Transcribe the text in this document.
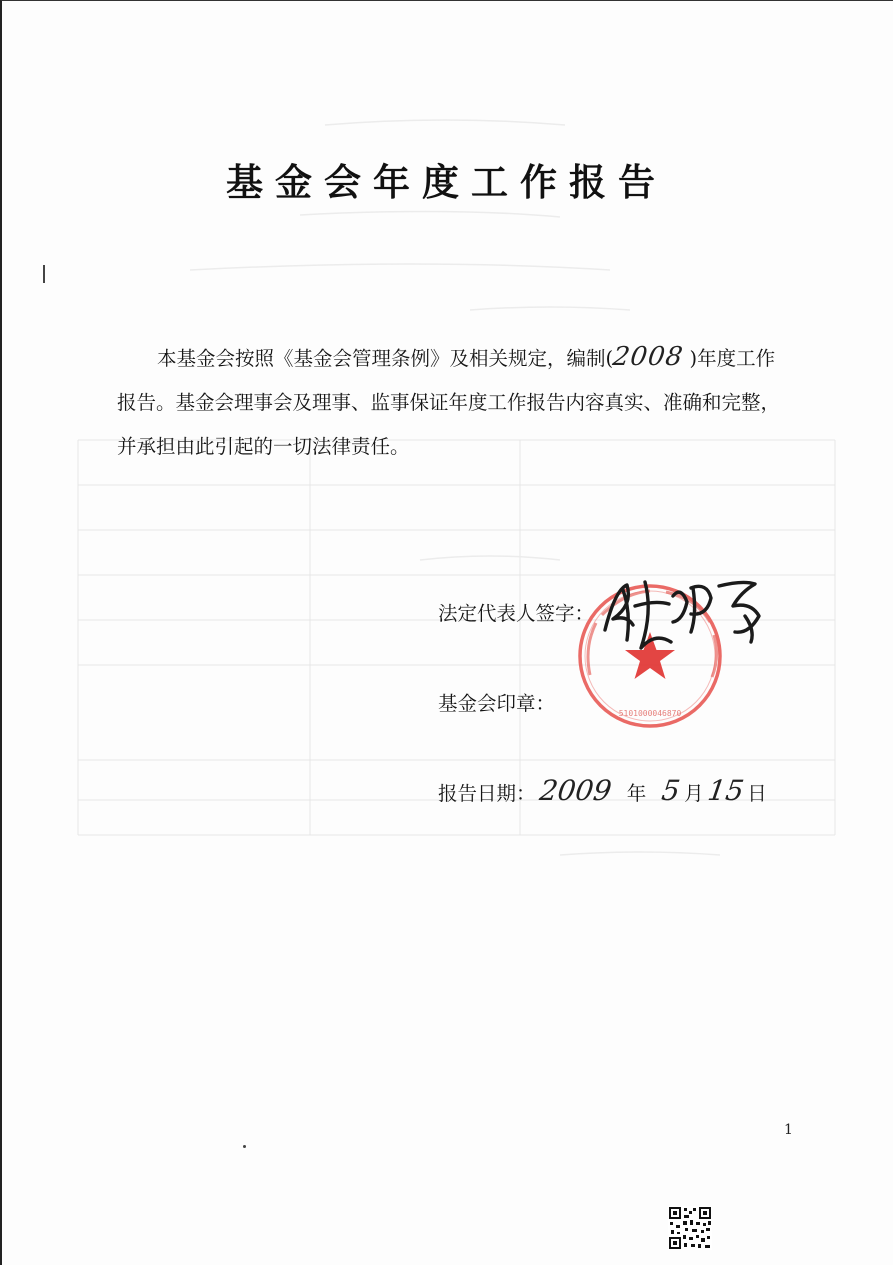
基金会年度工作报告
本基金会按照《基金会管理条例》及相关规定，编制(2008 )年度工作报告。基金会理事会及理事、监事保证年度工作报告内容真实、准确和完整，并承担由此引起的一切法律责任。
法定代表人签字：
5101000046870
基金会印章：
报告日期：2009 年 5月15日
1
